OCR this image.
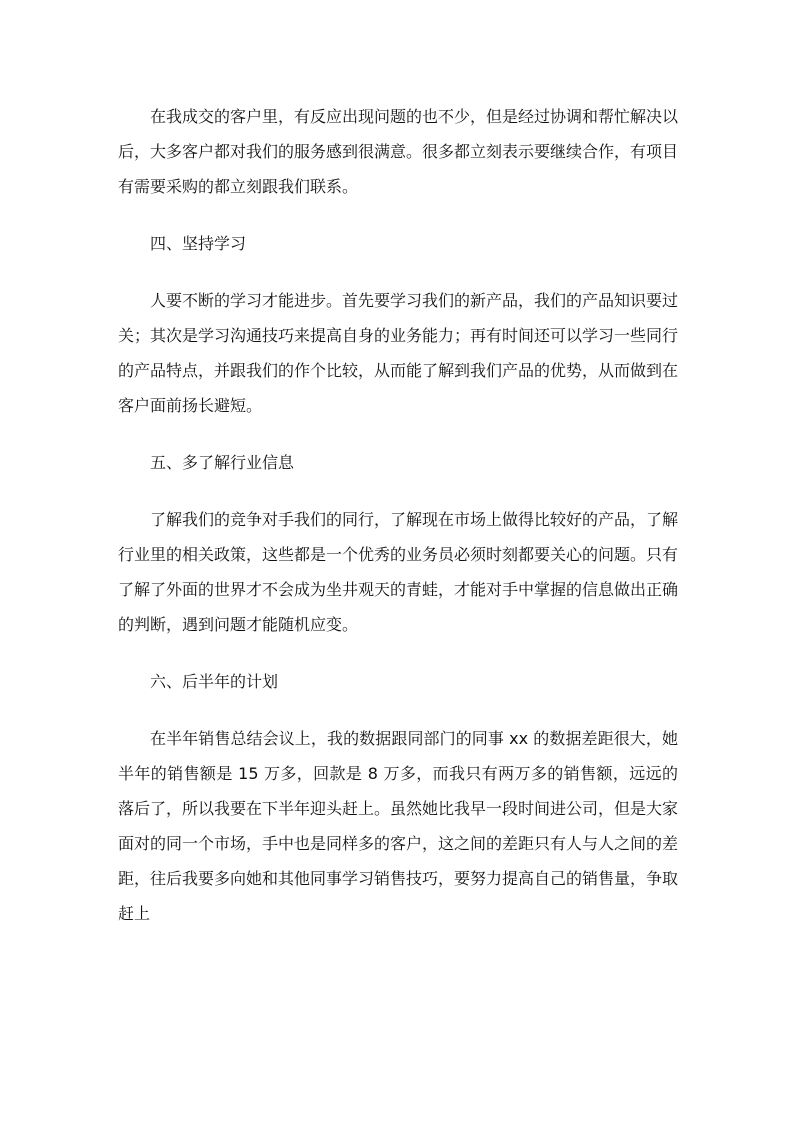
在我成交的客户里，有反应出现问题的也不少，但是经过协调和帮忙解决以后，大多客户都对我们的服务感到很满意。很多都立刻表示要继续合作，有项目有需要采购的都立刻跟我们联系。

四、坚持学习

人要不断的学习才能进步。首先要学习我们的新产品，我们的产品知识要过关；其次是学习沟通技巧来提高自身的业务能力；再有时间还可以学习一些同行的产品特点，并跟我们的作个比较，从而能了解到我们产品的优势，从而做到在客户面前扬长避短。

五、多了解行业信息

了解我们的竞争对手我们的同行，了解现在市场上做得比较好的产品，了解行业里的相关政策，这些都是一个优秀的业务员必须时刻都要关心的问题。只有了解了外面的世界才不会成为坐井观天的青蛙，才能对手中掌握的信息做出正确的判断，遇到问题才能随机应变。

六、后半年的计划

在半年销售总结会议上，我的数据跟同部门的同事 xx 的数据差距很大，她半年的销售额是 15 万多，回款是 8 万多，而我只有两万多的销售额，远远的落后了，所以我要在下半年迎头赶上。虽然她比我早一段时间进公司，但是大家面对的同一个市场，手中也是同样多的客户，这之间的差距只有人与人之间的差距，往后我要多向她和其他同事学习销售技巧，要努力提高自己的销售量，争取赶上
